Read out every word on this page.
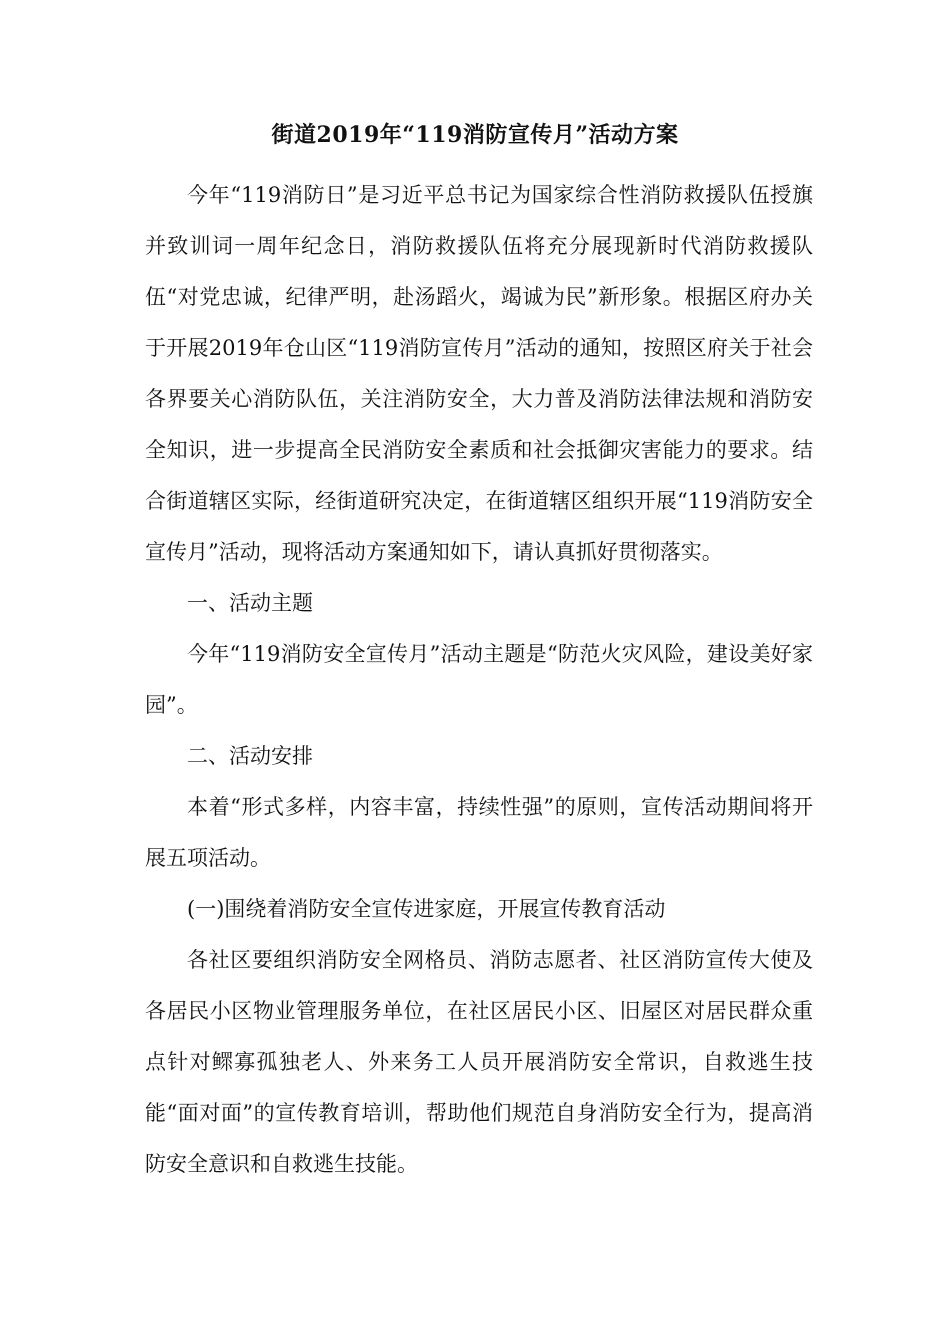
街道2019年“119消防宣传月”活动方案

今年“119消防日”是习近平总书记为国家综合性消防救援队伍授旗并致训词一周年纪念日，消防救援队伍将充分展现新时代消防救援队伍“对党忠诚，纪律严明，赴汤蹈火，竭诚为民”新形象。根据区府办关于开展2019年仓山区“119消防宣传月”活动的通知，按照区府关于社会各界要关心消防队伍，关注消防安全，大力普及消防法律法规和消防安全知识，进一步提高全民消防安全素质和社会抵御灾害能力的要求。结合街道辖区实际，经街道研究决定，在街道辖区组织开展“119消防安全宣传月”活动，现将活动方案通知如下，请认真抓好贯彻落实。

一、活动主题

今年“119消防安全宣传月”活动主题是“防范火灾风险，建设美好家园”。

二、活动安排

本着“形式多样，内容丰富，持续性强”的原则，宣传活动期间将开展五项活动。

(一)围绕着消防安全宣传进家庭，开展宣传教育活动

各社区要组织消防安全网格员、消防志愿者、社区消防宣传大使及各居民小区物业管理服务单位，在社区居民小区、旧屋区对居民群众重点针对鳏寡孤独老人、外来务工人员开展消防安全常识，自救逃生技能“面对面”的宣传教育培训，帮助他们规范自身消防安全行为，提高消防安全意识和自救逃生技能。
